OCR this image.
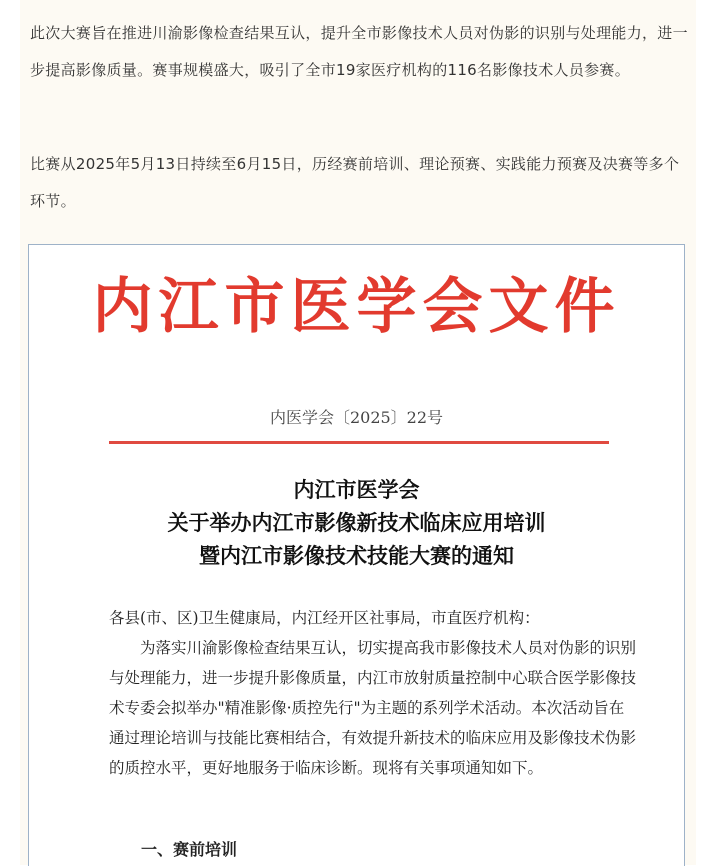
此次大赛旨在推进川渝影像检查结果互认，提升全市影像技术人员对伪影的识别与处理能力，进一步提高影像质量。赛事规模盛大，吸引了全市19家医疗机构的116名影像技术人员参赛。

比赛从2025年5月13日持续至6月15日，历经赛前培训、理论预赛、实践能力预赛及决赛等多个环节。

内江市医学会文件
内医学会〔2025〕22号
内江市医学会
关于举办内江市影像新技术临床应用培训
暨内江市影像技术技能大赛的通知

各县(市、区)卫生健康局，内江经开区社事局，市直医疗机构：

为落实川渝影像检查结果互认，切实提高我市影像技术人员对伪影的识别与处理能力，进一步提升影像质量，内江市放射质量控制中心联合医学影像技术专委会拟举办"精准影像·质控先行"为主题的系列学术活动。本次活动旨在通过理论培训与技能比赛相结合，有效提升新技术的临床应用及影像技术伪影的质控水平，更好地服务于临床诊断。现将有关事项通知如下。

一、赛前培训
